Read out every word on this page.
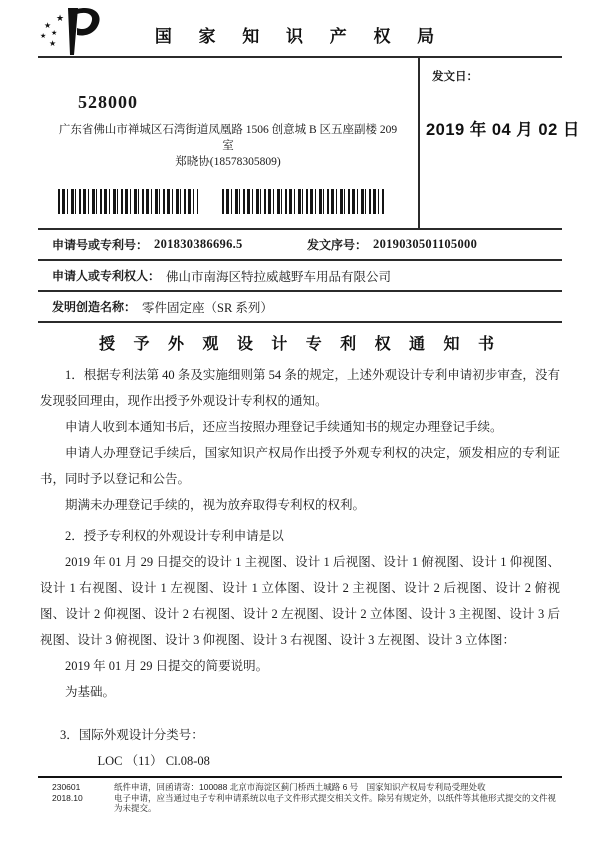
★
★
★
★
★	国 家 知 识 产 权 局
528000
广东省佛山市禅城区石湾街道凤凰路 1506 创意城 B 区五座副楼 209
室
郑晓协(18578305809)
发文日：
2019 年 04 月 02 日
申请号或专利号： 201830386696.5	发文序号： 2019030501105000
申请人或专利权人： 佛山市南海区特拉威越野车用品有限公司
发明创造名称： 零件固定座（SR 系列）
授 予 外 观 设 计 专 利 权 通 知 书

1．根据专利法第 40 条及实施细则第 54 条的规定，上述外观设计专利申请初步审查，没有发现驳回理由，现作出授予外观设计专利权的通知。

申请人收到本通知书后，还应当按照办理登记手续通知书的规定办理登记手续。

申请人办理登记手续后，国家知识产权局作出授予外观专利权的决定，颁发相应的专利证书，同时予以登记和公告。

期满未办理登记手续的，视为放弃取得专利权的权利。

2．授予专利权的外观设计专利申请是以

2019 年 01 月 29 日提交的设计 1 主视图、设计 1 后视图、设计 1 俯视图、设计 1 仰视图、设计 1 右视图、设计 1 左视图、设计 1 立体图、设计 2 主视图、设计 2 后视图、设计 2 俯视图、设计 2 仰视图、设计 2 右视图、设计 2 左视图、设计 2 立体图、设计 3 主视图、设计 3 后视图、设计 3 俯视图、设计 3 仰视图、设计 3 右视图、设计 3 左视图、设计 3 立体图：

2019 年 01 月 29 日提交的简要说明。

为基础。

3．国际外观设计分类号：

LOC （11） Cl.08-08

230601
2018.10
纸件申请，回函请寄：100088 北京市海淀区蓟门桥西土城路 6 号　国家知识产权局专利局受理处收
电子申请，应当通过电子专利申请系统以电子文件形式提交相关文件。除另有规定外，以纸件等其他形式提交的文件视为未提交。
